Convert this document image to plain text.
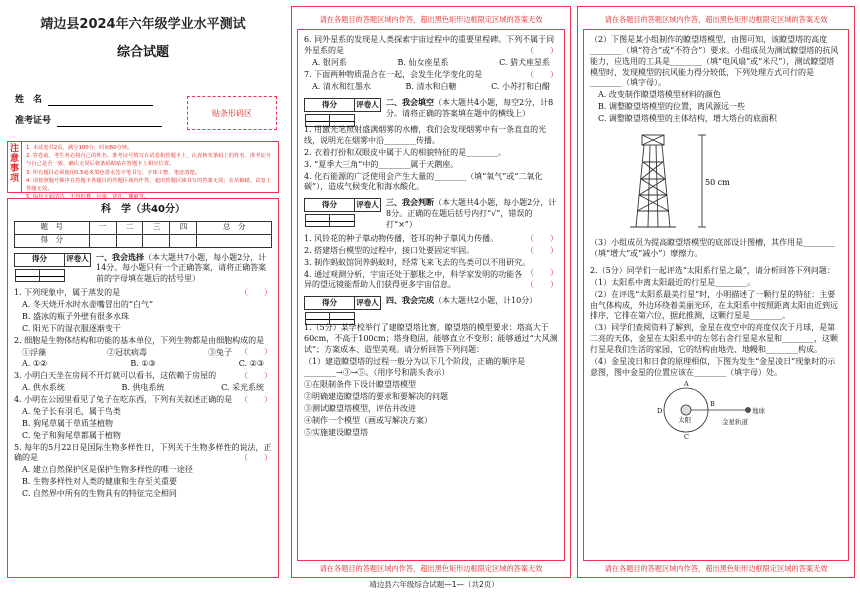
靖边县2024年六年级学业水平测试
综合试题
姓　名
准考证号
贴条形码区
注意事项
1. 本试卷共2页，满分100分，时间60分钟。
2. 答卷前，考生务必将自己的姓名、准考证号填写在试卷和答题卡上，认真核实条码上的姓名、准考证号与自己是否一致，确认无误后将条码粘贴在答题卡上相应位置。
3. 所有题目必须使用0.5毫米黑色墨水签字笔书写，字体工整，笔迹清楚。
4. 请按照题号顺序在答题卡各题目的答题区域内作答，超出答题区域书写的答案无效；在草稿纸、试卷上答题无效。
5. 保持卡面清洁，不得折叠、污染、穿孔、撕破等。
科　学（共40分）
题　号	一	二	三	四	总　分
得　分					
得分	评卷人
	一、我会选择（本大题共7小题，每小题2分，计14分。每小题只有一个正确答案，请将正确答案前的字母填在题后的括号里）

1. 下列现象中，属于蒸发的是	（　　）

A. 冬天烧开水时水壶嘴冒出的“白气”

B. 盛冰的瓶子外壁有很多水珠

C. 阳光下的湿衣服逐渐变干

2. 细胞是生物体结构和功能的基本单位，下列生物都是由细胞构成的是
（　　）

①浮藻	②冠状病毒	③兔子
A. ①②	B. ①③	C. ②③

3. 小明白天坐在房间不开灯就可以看书，这依赖于房屋的	（　　）

A. 供水系统	B. 供电系统	C. 采光系统

4. 小明在公园里看见了兔子在吃东西，下列有关叙述正确的是 （　　）

A. 兔子长有羽毛，属于鸟类

B. 狗尾草属于草质茎植物

C. 兔子和狗尾草都属于植物

5. 每年的5月22日是国际生物多样性日，下列关于生物多样性的说法，正确的是	（　　）

A. 建立自然保护区是保护生物多样性的唯一途径

B. 生物多样性对人类的健康和生存至关重要

C. 自然界中所有的生物具有的特征完全相同

请在各题目的答题区域内作答，超出黑色矩形边框限定区域的答案无效

6. 同外星系的发现是人类探索宇宙过程中的重要里程碑。下列不属于同外星系的是	（　　）

A. 银河系	B. 仙女座星系	C. 猎犬座星系

7. 下面两种物质混合在一起，会发生化学变化的是	（　　）

A. 清水和红墨水	B. 清水和白糖	C. 小苏打和白醋
得分	评卷人
	二、我会填空（本大题共4小题，每空2分，计8分。请将正确的答案填在题中的横线上）

1. 用激光笔照射盛满烟雾的水槽，我们会发现烟雾中有一条直直的光线，说明光在烟雾中沿________传播。

2. 衣着打扮和双眼皮中属于人的相貌特征的是________。

3. “夏季大三角”中的________属于天鹅座。

4. 化石能源的广泛使用会产生大量的________（填“氧气”或“二氧化碳”），造成气候变化和海水酸化。

得分	评卷人
	三、我会判断（本大题共4小题，每小题2分，计8分。正确的在题后括号内打“√”，错误的打“×”）

1. 风铃花的种子靠动物传播，苍耳的种子靠风力传播。	（　　）

2. 搭建塔台模型的过程中，接口处要固定牢固。	（　　）

3. 制作蚂蚁馆饲养蚂蚁时，经常飞来飞去的鸟类可以不用研究。
（　　）

4. 通过观测分析，宇宙还处于膨胀之中，科学家发明的功能各异的望远镜能帮助人们获得更多宇宙信息。	（　　）

得分	评卷人
	四、我会完成（本大题共2小题，计10分）

1.（5分）某学校举行了建瞭望塔比赛，瞭望塔的模型要求：塔高大于60cm，不高于100cm；塔身稳固，能够直立不变形；能够通过“大风测试”；方案成本、造型美观。请分析回答下列问题：

（1）建造瞭望塔的过程一般分为以下几个阶段，正确的顺序是________→③→⑤。（用序号和箭头表示）

①在限制条件下设计瞭望塔模型

②明确建造瞭望塔的要求和要解决的问题

③测试瞭望塔模型，评估并改进

④制作一个模型（画或写解决方案）

⑤实施建设瞭望塔

请在各题目的答题区域内作答，超出黑色矩形边框限定区域的答案无效
请在各题目的答题区域内作答，超出黑色矩形边框限定区域的答案无效

（2）下图是某小组制作的瞭望塔模型，由图可知，该瞭望塔的高度________（填“符合”或“不符合”）要求。小组成员为测试瞭望塔的抗风能力，应选用的工具是________（填“电风扇”或“米尺”），测试瞭望塔模型时，发现模型的抗风能力得分较低，下列处理方式可行的是________（填字母）。

A. 改变制作瞭望塔模型材料的颜色

B. 调整瞭望塔模型的位置，离风源远一些

C. 调整瞭望塔模型的主体结构，增大塔台的底面积

50 cm

（3）小组成员为提高瞭望塔模型的底部设计图槽，其作用是________（填“增大”或“减小”）摩擦力。

2.（5分）同学们一起评选“太阳系行星之最”，请分析回答下列问题：

（1）太阳系中离太阳最近的行星是________。

（2）在评选“太阳系最美行星”时，小明描述了一颗行星的特征：主要由气体构成，外边环绕着美丽光环，在太阳系中按照距离太阳由近到远排序，它排在第六位，据此推测，这颗行星是________。

（3）同学们查阅资料了解到，金星在夜空中的亮度仅次于月球，是第二亮的天体，金星在太阳系中的左邻右舍行星是水星和________，这颗行星是我们生活的家园，它的结构由地壳、地幔和________构成。

（4）金星凌日和日食的原理相似，下图为发生“金星凌日”现象时的示意图，图中金星的位置应该在________（填字母）处。

A
B
C
D
太阳
地球
金星轨道
请在各题目的答题区域内作答，超出黑色矩形边框限定区域的答案无效
靖边县六年级综合试题—1—（共2页）
